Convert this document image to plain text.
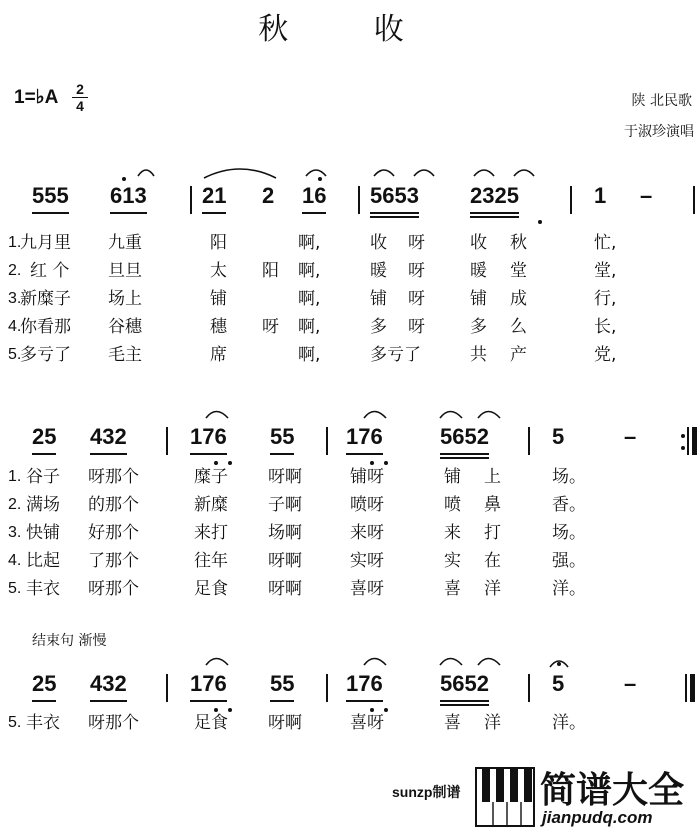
秋 收
1=♭A 2
4	陕 北民歌
于淑珍演唱
555 613	21 2 16 5653 2325	1 –
1.
九月里 九重	阳	啊,	收 呀	收 秋	忙,
2. 红 个 旦旦	太 阳 啊,	暖 呀	暖 堂	堂,
3.
新糜子 场上	铺	啊,	铺 呀	铺 成	行,
4.
你看那 谷穗	穗 呀 啊,	多 呀	多 么	长,
5.
多亏了 毛主	席	啊,	多亏了	共 产	党,
25 432	176 55 176	5652	5	–
1. 谷子 呀那个	糜子 呀啊	铺呀	铺 上	场。
2. 满场 的那个	新糜 子啊	喷呀	喷 鼻	香。
3. 快铺 好那个	来打 场啊	来呀	来 打	场。
4. 比起 了那个	往年 呀啊	实呀	实 在	强。
5. 丰衣 呀那个	足食 呀啊	喜呀	喜 洋	洋。
结束句 渐慢
25 432	176 55 176	5652	5	–
5. 丰衣 呀那个	足食 呀啊	喜呀	喜 洋	洋。
sunzp制谱 简谱大全
jianpudq.com
